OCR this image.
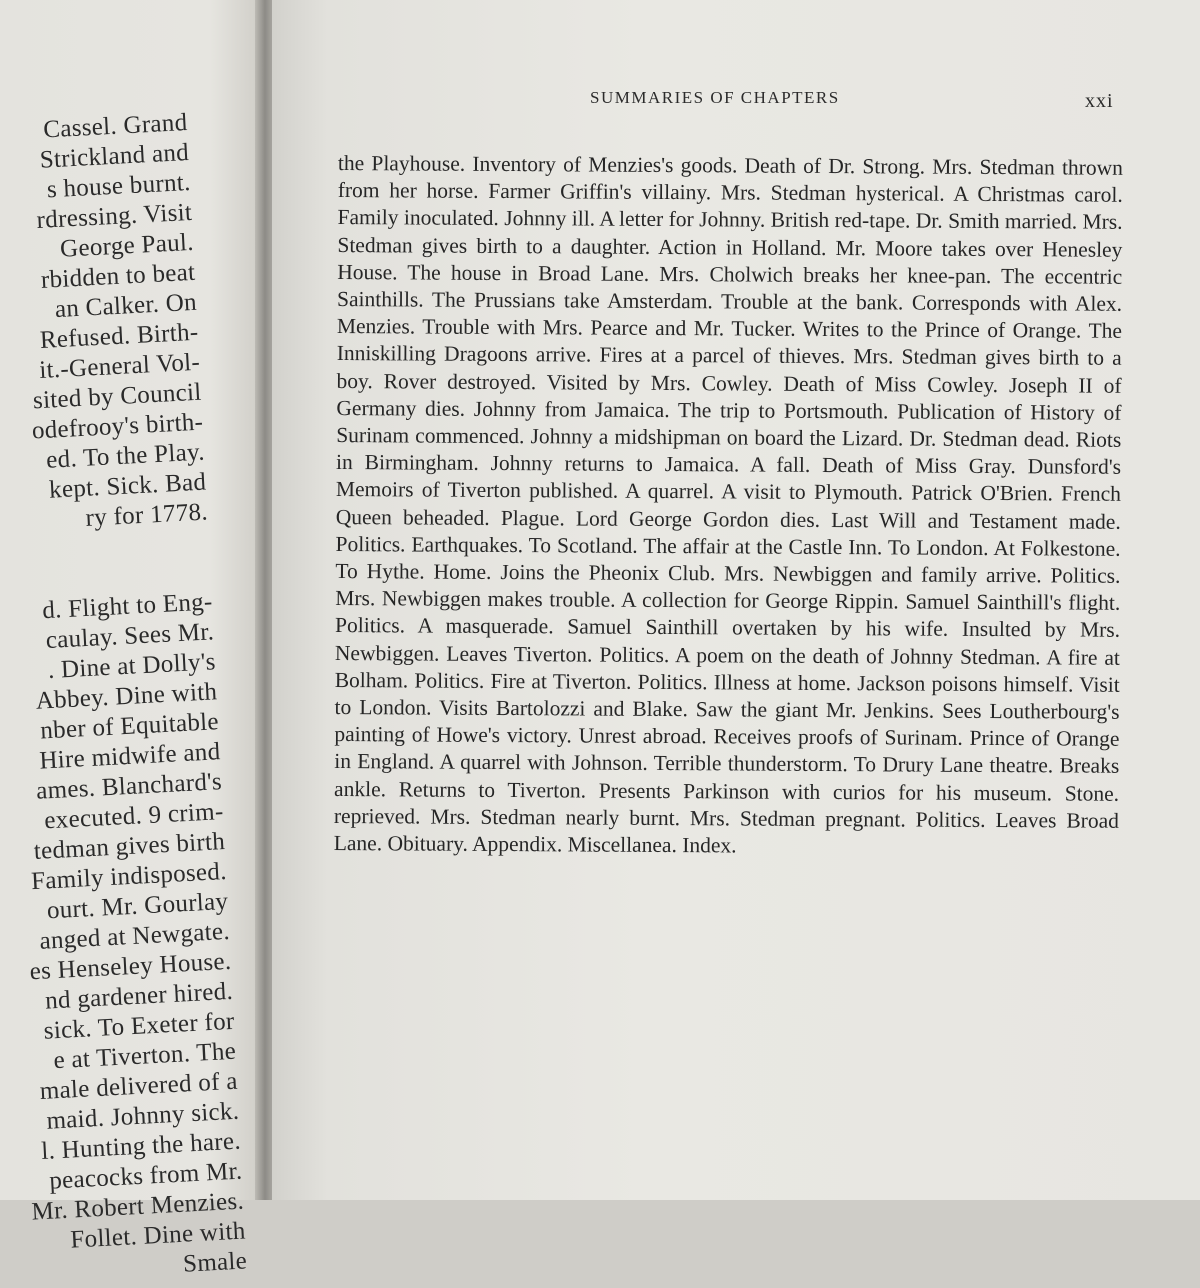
Cassel. Grand
Strickland and
s house burnt.
rdressing. Visit
George Paul.
rbidden to beat
an Calker. On
Refused. Birth-
it.-General Vol-
sited by Council
odefrooy's birth-
ed. To the Play.
kept. Sick. Bad
ry for 1778.
d. Flight to Eng-
caulay. Sees Mr.
. Dine at Dolly's
Abbey. Dine with
nber of Equitable
Hire midwife and
ames. Blanchard's
executed. 9 crim-
tedman gives birth
Family indisposed.
ourt. Mr. Gourlay
anged at Newgate.
es Henseley House.
nd gardener hired.
sick. To Exeter for
e at Tiverton. The
male delivered of a
maid. Johnny sick.
l. Hunting the hare.
peacocks from Mr.
Mr. Robert Menzies.
Follet. Dine with
Smale
SUMMARIES OF CHAPTERS	xxi

the Playhouse. Inventory of Menzies's goods. Death of Dr. Strong. Mrs. Stedman thrown from her horse. Farmer Griffin's villainy. Mrs. Stedman hysterical. A Christmas carol. Family inoculated. Johnny ill. A letter for Johnny. British red-tape. Dr. Smith married. Mrs. Stedman gives birth to a daughter. Action in Holland. Mr. Moore takes over Henesley House. The house in Broad Lane. Mrs. Cholwich breaks her knee-pan. The eccentric Sainthills. The Prussians take Amsterdam. Trouble at the bank. Corresponds with Alex. Menzies. Trouble with Mrs. Pearce and Mr. Tucker. Writes to the Prince of Orange. The Inniskilling Dragoons arrive. Fires at a parcel of thieves. Mrs. Stedman gives birth to a boy. Rover destroyed. Visited by Mrs. Cowley. Death of Miss Cowley. Joseph II of Germany dies. Johnny from Jamaica. The trip to Portsmouth. Publication of History of Surinam commenced. Johnny a midshipman on board the Lizard. Dr. Stedman dead. Riots in Birmingham. Johnny returns to Jamaica. A fall. Death of Miss Gray. Dunsford's Memoirs of Tiverton published. A quarrel. A visit to Plymouth. Patrick O'Brien. French Queen beheaded. Plague. Lord George Gordon dies. Last Will and Testament made. Politics. Earthquakes. To Scotland. The affair at the Castle Inn. To London. At Folkestone. To Hythe. Home. Joins the Pheonix Club. Mrs. Newbiggen and family arrive. Politics. Mrs. Newbiggen makes trouble. A collection for George Rippin. Samuel Sainthill's flight. Politics. A masquerade. Samuel Sainthill overtaken by his wife. Insulted by Mrs. Newbiggen. Leaves Tiverton. Politics. A poem on the death of Johnny Stedman. A fire at Bolham. Politics. Fire at Tiverton. Politics. Illness at home. Jackson poisons himself. Visit to London. Visits Bartolozzi and Blake. Saw the giant Mr. Jenkins. Sees Loutherbourg's painting of Howe's victory. Unrest abroad. Receives proofs of Surinam. Prince of Orange in England. A quarrel with Johnson. Terrible thunderstorm. To Drury Lane theatre. Breaks ankle. Returns to Tiverton. Presents Parkinson with curios for his museum. Stone. reprieved. Mrs. Stedman nearly burnt. Mrs. Stedman pregnant. Politics. Leaves Broad Lane. Obituary. Appendix. Miscellanea. Index.
